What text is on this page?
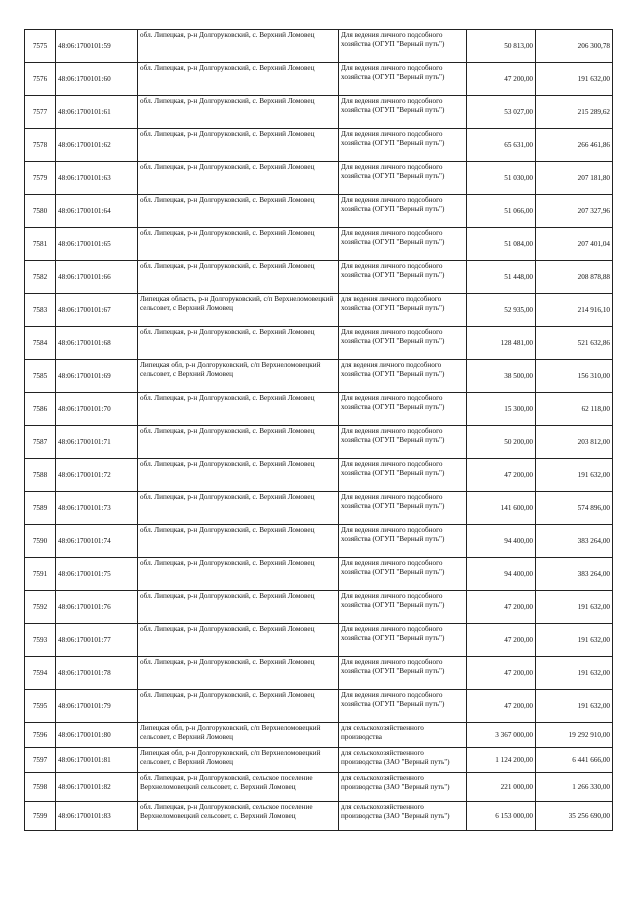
7575	48:06:1700101:59	обл. Липецкая, р-н Долгоруковский, с. Верхний Ломовец	Для ведения личного подсобного хозяйства (ОГУП "Верный путь")	50 813,00	206 300,78
7576	48:06:1700101:60	обл. Липецкая, р-н Долгоруковский, с. Верхний Ломовец	Для ведения личного подсобного хозяйства (ОГУП "Верный путь")	47 200,00	191 632,00
7577	48:06:1700101:61	обл. Липецкая, р-н Долгоруковский, с. Верхний Ломовец	Для ведения личного подсобного хозяйства (ОГУП "Верный путь")	53 027,00	215 289,62
7578	48:06:1700101:62	обл. Липецкая, р-н Долгоруковский, с. Верхний Ломовец	Для ведения личного подсобного хозяйства (ОГУП "Верный путь")	65 631,00	266 461,86
7579	48:06:1700101:63	обл. Липецкая, р-н Долгоруковский, с. Верхний Ломовец	Для ведения личного подсобного хозяйства (ОГУП "Верный путь")	51 030,00	207 181,80
7580	48:06:1700101:64	обл. Липецкая, р-н Долгоруковский, с. Верхний Ломовец	Для ведения личного подсобного хозяйства (ОГУП "Верный путь")	51 066,00	207 327,96
7581	48:06:1700101:65	обл. Липецкая, р-н Долгоруковский, с. Верхний Ломовец	Для ведения личного подсобного хозяйства (ОГУП "Верный путь")	51 084,00	207 401,04
7582	48:06:1700101:66	обл. Липецкая, р-н Долгоруковский, с. Верхний Ломовец	Для ведения личного подсобного хозяйства (ОГУП "Верный путь")	51 448,00	208 878,88
7583	48:06:1700101:67	Липецкая область, р-н Долгоруковский, с/п Верхнеломовецкий сельсовет, с Верхний Ломовец	для ведения личного подсобного хозяйства (ОГУП "Верный путь")	52 935,00	214 916,10
7584	48:06:1700101:68	обл. Липецкая, р-н Долгоруковский, с. Верхний Ломовец	Для ведения личного подсобного хозяйства (ОГУП "Верный путь")	128 481,00	521 632,86
7585	48:06:1700101:69	Липецкая обл, р-н Долгоруковский, с/п Верхнеломовецкий сельсовет, с Верхний Ломовец	для ведения личного подсобного хозяйства (ОГУП "Верный путь")	38 500,00	156 310,00
7586	48:06:1700101:70	обл. Липецкая, р-н Долгоруковский, с. Верхний Ломовец	Для ведения личного подсобного хозяйства (ОГУП "Верный путь")	15 300,00	62 118,00
7587	48:06:1700101:71	обл. Липецкая, р-н Долгоруковский, с. Верхний Ломовец	Для ведения личного подсобного хозяйства (ОГУП "Верный путь")	50 200,00	203 812,00
7588	48:06:1700101:72	обл. Липецкая, р-н Долгоруковский, с. Верхний Ломовец	Для ведения личного подсобного хозяйства (ОГУП "Верный путь")	47 200,00	191 632,00
7589	48:06:1700101:73	обл. Липецкая, р-н Долгоруковский, с. Верхний Ломовец	Для ведения личного подсобного хозяйства (ОГУП "Верный путь")	141 600,00	574 896,00
7590	48:06:1700101:74	обл. Липецкая, р-н Долгоруковский, с. Верхний Ломовец	Для ведения личного подсобного хозяйства (ОГУП "Верный путь")	94 400,00	383 264,00
7591	48:06:1700101:75	обл. Липецкая, р-н Долгоруковский, с. Верхний Ломовец	Для ведения личного подсобного хозяйства (ОГУП "Верный путь")	94 400,00	383 264,00
7592	48:06:1700101:76	обл. Липецкая, р-н Долгоруковский, с. Верхний Ломовец	Для ведения личного подсобного хозяйства (ОГУП "Верный путь")	47 200,00	191 632,00
7593	48:06:1700101:77	обл. Липецкая, р-н Долгоруковский, с. Верхний Ломовец	Для ведения личного подсобного хозяйства (ОГУП "Верный путь")	47 200,00	191 632,00
7594	48:06:1700101:78	обл. Липецкая, р-н Долгоруковский, с. Верхний Ломовец	Для ведения личного подсобного хозяйства (ОГУП "Верный путь")	47 200,00	191 632,00
7595	48:06:1700101:79	обл. Липецкая, р-н Долгоруковский, с. Верхний Ломовец	Для ведения личного подсобного хозяйства (ОГУП "Верный путь")	47 200,00	191 632,00
7596	48:06:1700101:80	Липецкая обл, р-н Долгоруковский, с/п Верхнеломовецкий сельсовет, с Верхний Ломовец	для сельскохозяйственного производства	3 367 000,00	19 292 910,00
7597	48:06:1700101:81	Липецкая обл, р-н Долгоруковский, с/п Верхнеломовецкий сельсовет, с Верхний Ломовец	для сельскохозяйственного производства (ЗАО "Верный путь")	1 124 200,00	6 441 666,00
7598	48:06:1700101:82	обл. Липецкая, р-н Долгоруковский, сельское поселение Верхнеломовецкий сельсовет, с. Верхний Ломовец	для сельскохозяйственного производства (ЗАО "Верный путь")	221 000,00	1 266 330,00
7599	48:06:1700101:83	обл. Липецкая, р-н Долгоруковский, сельское поселение Верхнеломовецкий сельсовет, с. Верхний Ломовец	для сельскохозяйственного производства (ЗАО "Верный путь")	6 153 000,00	35 256 690,00
